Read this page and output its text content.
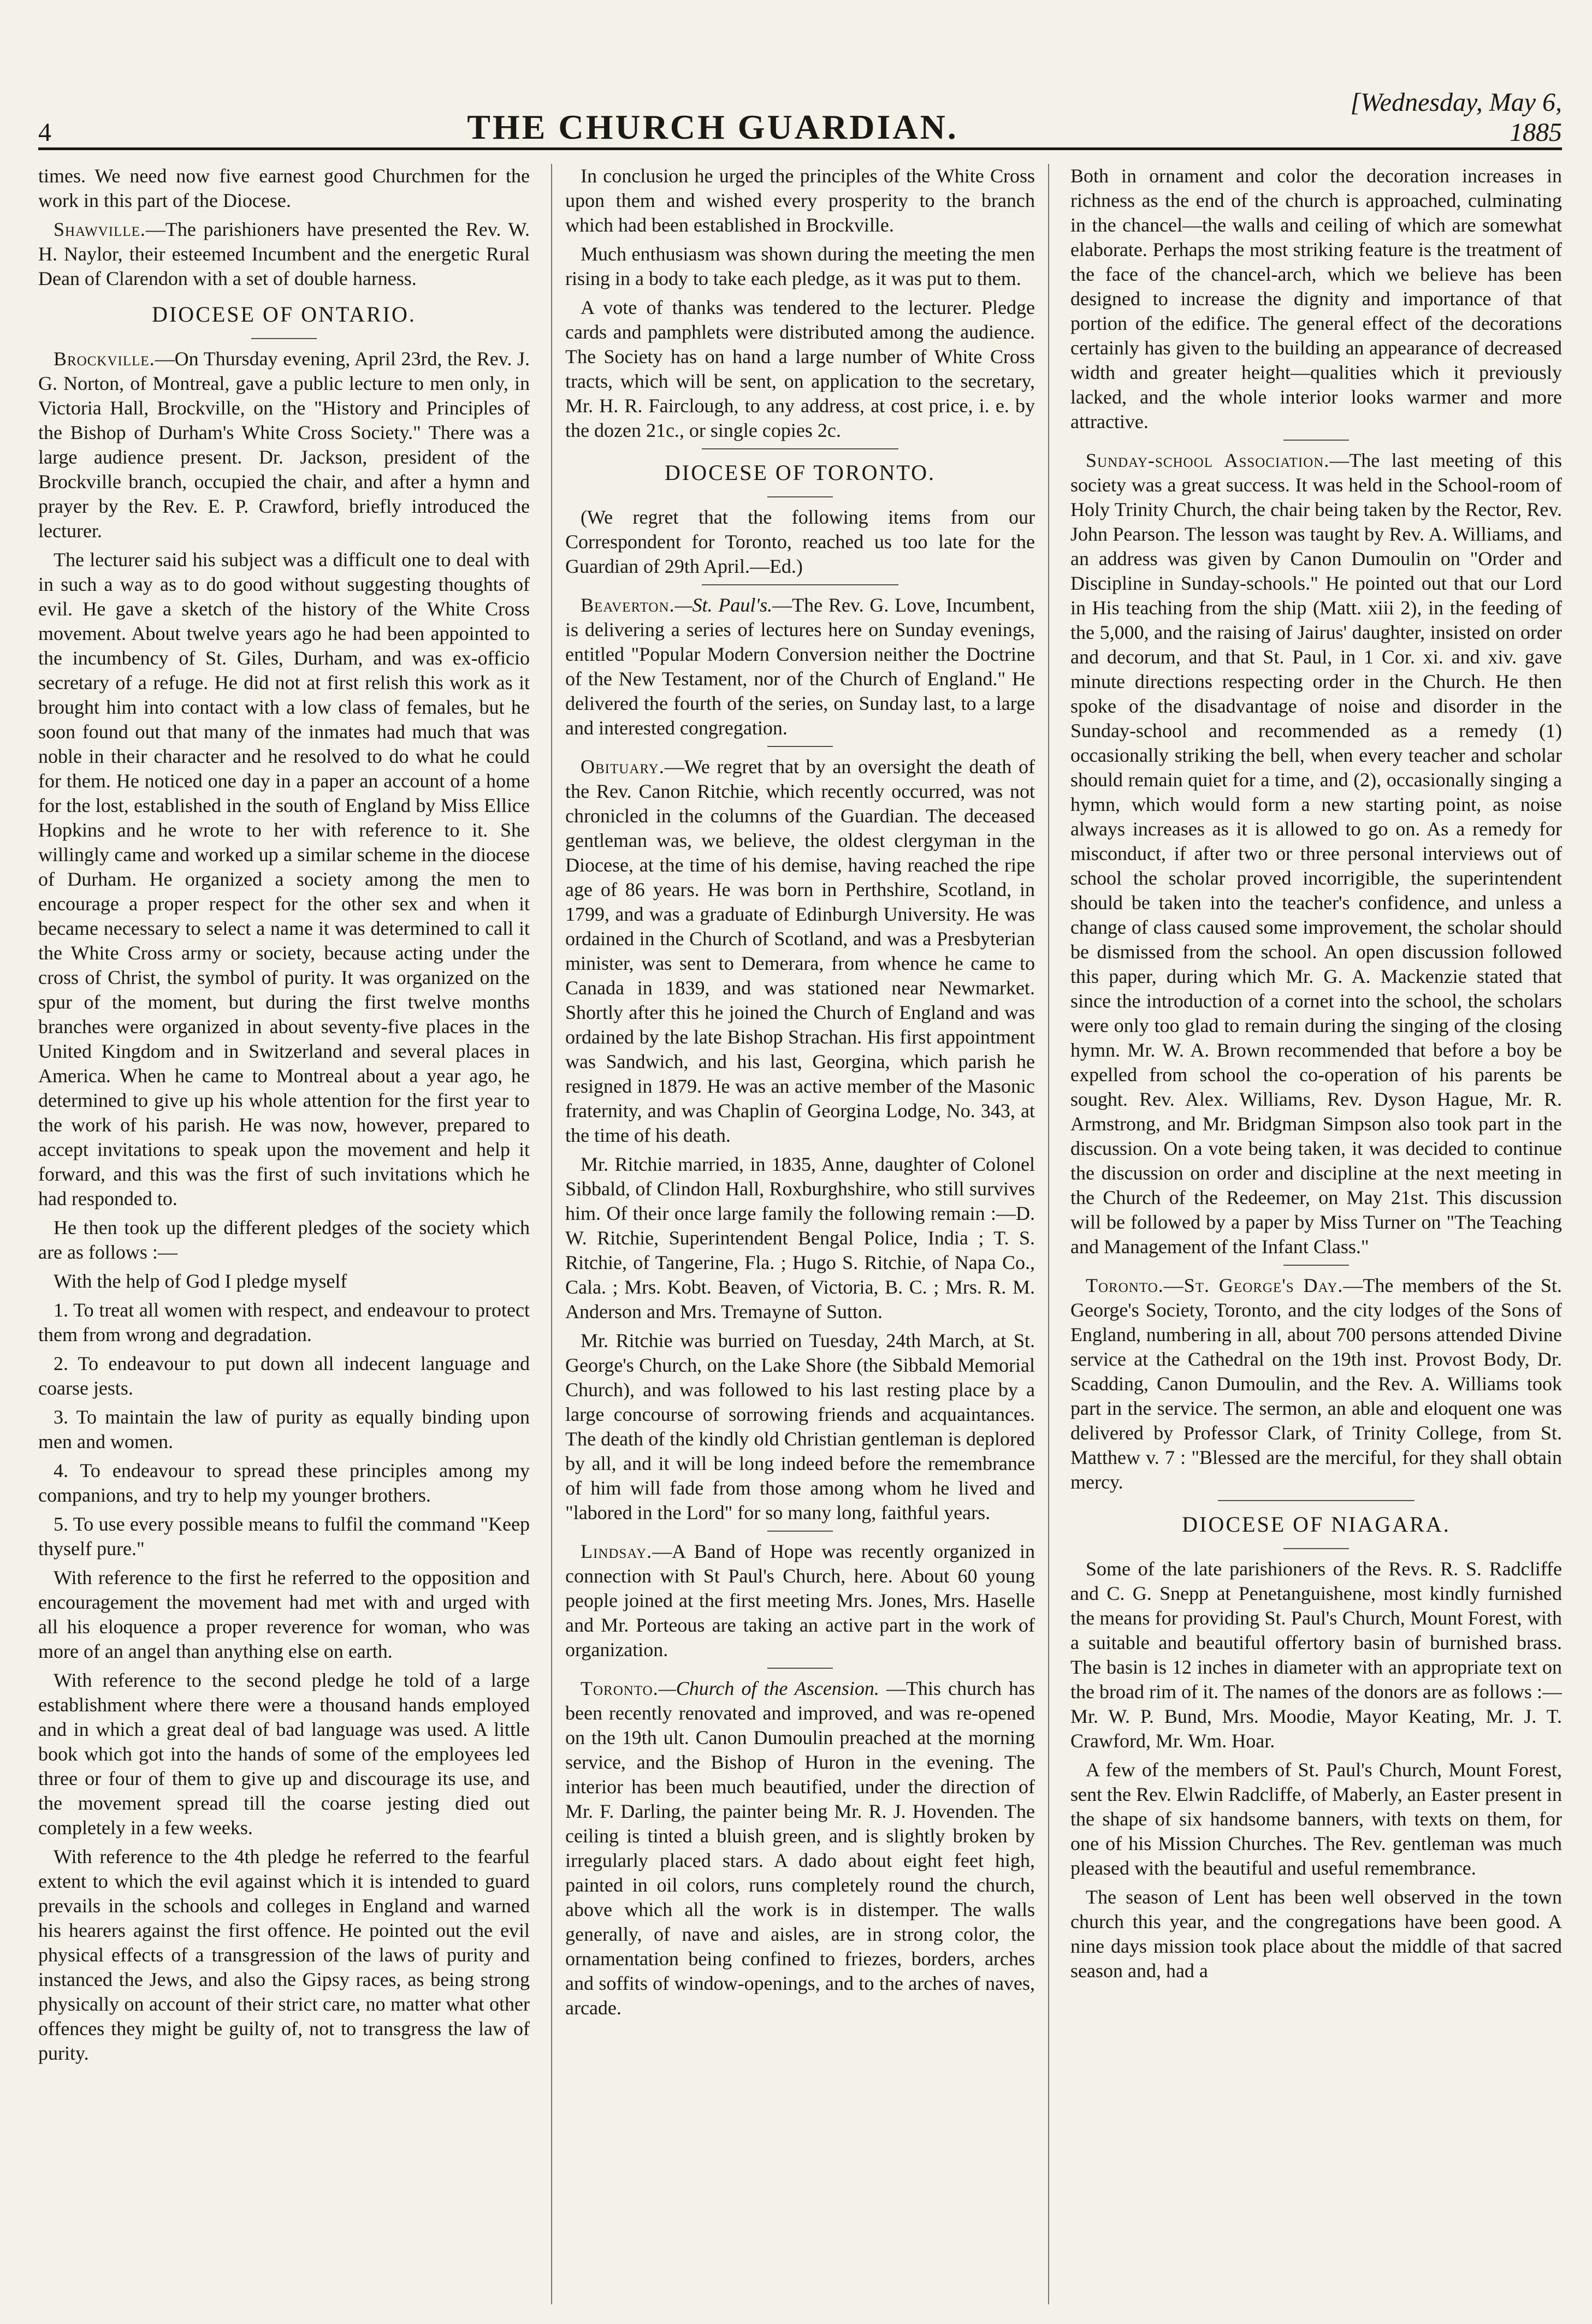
4	THE CHURCH GUARDIAN.
[Wednesday, May 6, 1885

times. We need now five earnest good Churchmen for the work in this part of the Diocese.

Shawville.—The parishioners have presented the Rev. W. H. Naylor, their esteemed Incumbent and the energetic Rural Dean of Clarendon with a set of double harness.

DIOCESE OF ONTARIO.

Brockville.—On Thursday evening, April 23rd, the Rev. J. G. Norton, of Montreal, gave a public lecture to men only, in Victoria Hall, Brockville, on the "History and Principles of the Bishop of Durham's White Cross Society." There was a large audience present. Dr. Jackson, president of the Brockville branch, occupied the chair, and after a hymn and prayer by the Rev. E. P. Crawford, briefly introduced the lecturer.

The lecturer said his subject was a difficult one to deal with in such a way as to do good without suggesting thoughts of evil. He gave a sketch of the history of the White Cross movement. About twelve years ago he had been appointed to the incumbency of St. Giles, Durham, and was ex-officio secretary of a refuge. He did not at first relish this work as it brought him into contact with a low class of females, but he soon found out that many of the inmates had much that was noble in their character and he resolved to do what he could for them. He noticed one day in a paper an account of a home for the lost, established in the south of England by Miss Ellice Hopkins and he wrote to her with reference to it. She willingly came and worked up a similar scheme in the diocese of Durham. He organized a society among the men to encourage a proper respect for the other sex and when it became necessary to select a name it was determined to call it the White Cross army or society, because acting under the cross of Christ, the symbol of purity. It was organized on the spur of the moment, but during the first twelve months branches were organized in about seventy-five places in the United Kingdom and in Switzerland and several places in America. When he came to Montreal about a year ago, he determined to give up his whole attention for the first year to the work of his parish. He was now, however, prepared to accept invitations to speak upon the movement and help it forward, and this was the first of such invitations which he had responded to.

He then took up the different pledges of the society which are as follows :—

With the help of God I pledge myself

1. To treat all women with respect, and endeavour to protect them from wrong and degradation.

2. To endeavour to put down all indecent language and coarse jests.

3. To maintain the law of purity as equally binding upon men and women.

4. To endeavour to spread these principles among my companions, and try to help my younger brothers.

5. To use every possible means to fulfil the command "Keep thyself pure."

With reference to the first he referred to the opposition and encouragement the movement had met with and urged with all his eloquence a proper reverence for woman, who was more of an angel than anything else on earth.

With reference to the second pledge he told of a large establishment where there were a thousand hands employed and in which a great deal of bad language was used. A little book which got into the hands of some of the employees led three or four of them to give up and discourage its use, and the movement spread till the coarse jesting died out completely in a few weeks.

With reference to the 4th pledge he referred to the fearful extent to which the evil against which it is intended to guard prevails in the schools and colleges in England and warned his hearers against the first offence. He pointed out the evil physical effects of a transgression of the laws of purity and instanced the Jews, and also the Gipsy races, as being strong physically on account of their strict care, no matter what other offences they might be guilty of, not to transgress the law of purity.

In conclusion he urged the principles of the White Cross upon them and wished every prosperity to the branch which had been established in Brockville.

Much enthusiasm was shown during the meeting the men rising in a body to take each pledge, as it was put to them.

A vote of thanks was tendered to the lecturer. Pledge cards and pamphlets were distributed among the audience. The Society has on hand a large number of White Cross tracts, which will be sent, on application to the secretary, Mr. H. R. Fairclough, to any address, at cost price, i. e. by the dozen 21c., or single copies 2c.

DIOCESE OF TORONTO.

(We regret that the following items from our Correspondent for Toronto, reached us too late for the Guardian of 29th April.—Ed.)

Beaverton.—St. Paul's.—The Rev. G. Love, Incumbent, is delivering a series of lectures here on Sunday evenings, entitled "Popular Modern Conversion neither the Doctrine of the New Testament, nor of the Church of England." He delivered the fourth of the series, on Sunday last, to a large and interested congregation.

Obituary.—We regret that by an oversight the death of the Rev. Canon Ritchie, which recently occurred, was not chronicled in the columns of the Guardian. The deceased gentleman was, we believe, the oldest clergyman in the Diocese, at the time of his demise, having reached the ripe age of 86 years. He was born in Perthshire, Scotland, in 1799, and was a graduate of Edinburgh University. He was ordained in the Church of Scotland, and was a Presbyterian minister, was sent to Demerara, from whence he came to Canada in 1839, and was stationed near Newmarket. Shortly after this he joined the Church of England and was ordained by the late Bishop Strachan. His first appointment was Sandwich, and his last, Georgina, which parish he resigned in 1879. He was an active member of the Masonic fraternity, and was Chaplin of Georgina Lodge, No. 343, at the time of his death.

Mr. Ritchie married, in 1835, Anne, daughter of Colonel Sibbald, of Clindon Hall, Roxburghshire, who still survives him. Of their once large family the following remain :—D. W. Ritchie, Superintendent Bengal Police, India ; T. S. Ritchie, of Tangerine, Fla. ; Hugo S. Ritchie, of Napa Co., Cala. ; Mrs. Kobt. Beaven, of Victoria, B. C. ; Mrs. R. M. Anderson and Mrs. Tremayne of Sutton.

Mr. Ritchie was burried on Tuesday, 24th March, at St. George's Church, on the Lake Shore (the Sibbald Memorial Church), and was followed to his last resting place by a large concourse of sorrowing friends and acquaintances. The death of the kindly old Christian gentleman is deplored by all, and it will be long indeed before the remembrance of him will fade from those among whom he lived and "labored in the Lord" for so many long, faithful years.

Lindsay.—A Band of Hope was recently organized in connection with St Paul's Church, here. About 60 young people joined at the first meeting Mrs. Jones, Mrs. Haselle and Mr. Porteous are taking an active part in the work of organization.

Toronto.—Church of the Ascension. —This church has been recently renovated and improved, and was re-opened on the 19th ult. Canon Dumoulin preached at the morning service, and the Bishop of Huron in the evening. The interior has been much beautified, under the direction of Mr. F. Darling, the painter being Mr. R. J. Hovenden. The ceiling is tinted a bluish green, and is slightly broken by irregularly placed stars. A dado about eight feet high, painted in oil colors, runs completely round the church, above which all the work is in distemper. The walls generally, of nave and aisles, are in strong color, the ornamentation being confined to friezes, borders, arches and soffits of window-openings, and to the arches of naves, arcade.

Both in ornament and color the decoration increases in richness as the end of the church is approached, culminating in the chancel—the walls and ceiling of which are somewhat elaborate. Perhaps the most striking feature is the treatment of the face of the chancel-arch, which we believe has been designed to increase the dignity and importance of that portion of the edifice. The general effect of the decorations certainly has given to the building an appearance of decreased width and greater height—qualities which it previously lacked, and the whole interior looks warmer and more attractive.

Sunday-school Association.—The last meeting of this society was a great success. It was held in the School-room of Holy Trinity Church, the chair being taken by the Rector, Rev. John Pearson. The lesson was taught by Rev. A. Williams, and an address was given by Canon Dumoulin on "Order and Discipline in Sunday-schools." He pointed out that our Lord in His teaching from the ship (Matt. xiii 2), in the feeding of the 5,000, and the raising of Jairus' daughter, insisted on order and decorum, and that St. Paul, in 1 Cor. xi. and xiv. gave minute directions respecting order in the Church. He then spoke of the disadvantage of noise and disorder in the Sunday-school and recommended as a remedy (1) occasionally striking the bell, when every teacher and scholar should remain quiet for a time, and (2), occasionally singing a hymn, which would form a new starting point, as noise always increases as it is allowed to go on. As a remedy for misconduct, if after two or three personal interviews out of school the scholar proved incorrigible, the superintendent should be taken into the teacher's confidence, and unless a change of class caused some improvement, the scholar should be dismissed from the school. An open discussion followed this paper, during which Mr. G. A. Mackenzie stated that since the introduction of a cornet into the school, the scholars were only too glad to remain during the singing of the closing hymn. Mr. W. A. Brown recommended that before a boy be expelled from school the co-operation of his parents be sought. Rev. Alex. Williams, Rev. Dyson Hague, Mr. R. Armstrong, and Mr. Bridgman Simpson also took part in the discussion. On a vote being taken, it was decided to continue the discussion on order and discipline at the next meeting in the Church of the Redeemer, on May 21st. This discussion will be followed by a paper by Miss Turner on "The Teaching and Management of the Infant Class."

Toronto.—St. George's Day.—The members of the St. George's Society, Toronto, and the city lodges of the Sons of England, numbering in all, about 700 persons attended Divine service at the Cathedral on the 19th inst. Provost Body, Dr. Scadding, Canon Dumoulin, and the Rev. A. Williams took part in the service. The sermon, an able and eloquent one was delivered by Professor Clark, of Trinity College, from St. Matthew v. 7 : "Blessed are the merciful, for they shall obtain mercy.

DIOCESE OF NIAGARA.

Some of the late parishioners of the Revs. R. S. Radcliffe and C. G. Snepp at Penetanguishene, most kindly furnished the means for providing St. Paul's Church, Mount Forest, with a suitable and beautiful offertory basin of burnished brass. The basin is 12 inches in diameter with an appropriate text on the broad rim of it. The names of the donors are as follows :—Mr. W. P. Bund, Mrs. Moodie, Mayor Keating, Mr. J. T. Crawford, Mr. Wm. Hoar.

A few of the members of St. Paul's Church, Mount Forest, sent the Rev. Elwin Radcliffe, of Maberly, an Easter present in the shape of six handsome banners, with texts on them, for one of his Mission Churches. The Rev. gentleman was much pleased with the beautiful and useful remembrance.

The season of Lent has been well observed in the town church this year, and the congregations have been good. A nine days mission took place about the middle of that sacred season and, had a
